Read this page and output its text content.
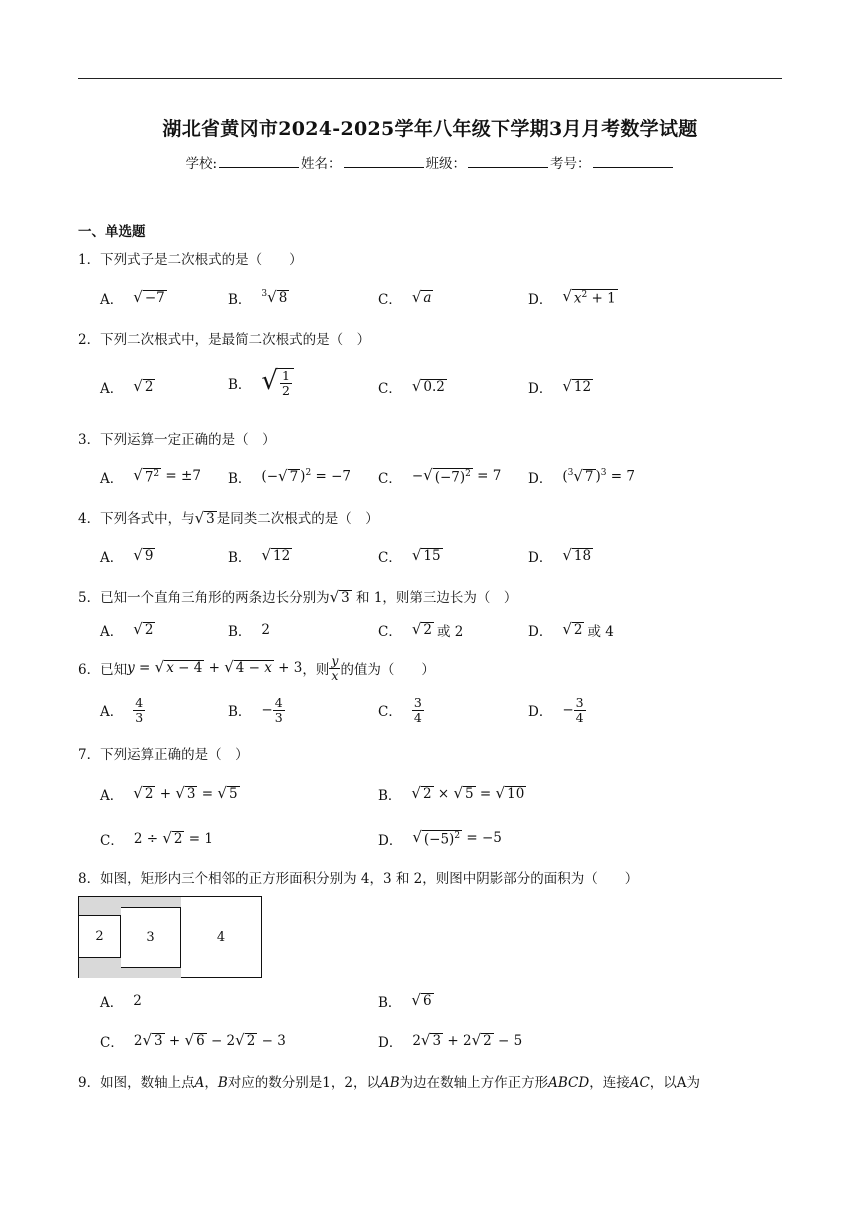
湖北省黄冈市2024-2025学年八年级下学期3月月考数学试题
学校:	姓名：	班级：	考号：
一、单选题
1．下列式子是二次根式的是（　　）
A． √ −7	B． $^3$ √ 8	C． √ a	D． √ $x^2 + 1$
2．下列二次根式中，是最简二次根式的是（　）
A． √ 2	B． √ $\frac{1}{2}$	C． √ 0.2	D． √ 12
3．下列运算一定正确的是（　）
A． √ $7^2 = \pm 7$ B． (− √ 7 )$^2$ = −7 C． − √ $(-7)^2 = 7$ D． ($^3$ √ 7 )$^3$ = 7
4．下列各式中，与 √ 3 是同类二次根式的是（　）
A． √ 9	B． √ 12	C． √ 15	D． √ 18
5．已知一个直角三角形的两条边长分别为 √ 3 和 1，则第三边长为（　）
A． √ 2	B． 2	C． √ 2 或 2	D． √ 2 或 4
6．已知 y = √ x − 4 + √ 4 − x + 3 ，则 $\frac{y}{x}$ 的值为（　　）
A． $\frac{4}{3}$	B． − $\frac{4}{3}$	C． $\frac{3}{4}$	D． − $\frac{3}{4}$
7．下列运算正确的是（　）
A． √ 2 + √ 3 = √ 5	B． √ 2 × √ 5 = √ 10
C． 2 ÷ √ 2 = 1	D． √ $(-5)^2 = -5$
8．如图，矩形内三个相邻的正方形面积分别为 4，3 和 2，则图中阴影部分的面积为（　　）
2	3	4
A． 2	B． √ 6
C． 2 √ 3 + √ 6 − 2 √ 2 − 3	D． 2 √ 3 + 2 √ 2 − 5
9．如图，数轴上点A，B对应的数分别是1，2，以AB为边在数轴上方作正方形ABCD，连接AC，以A为
